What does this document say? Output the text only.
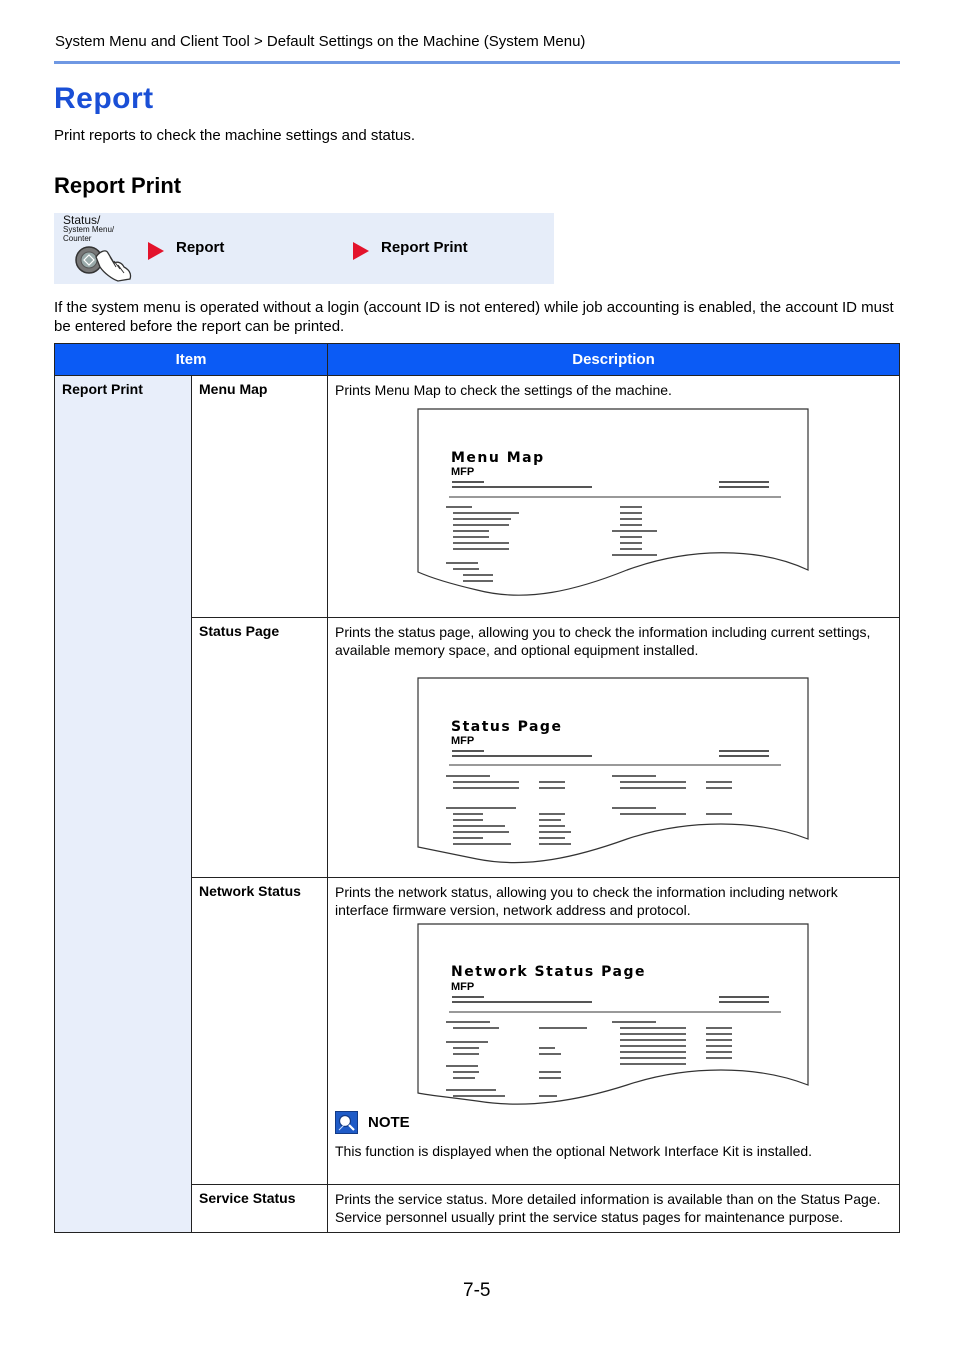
System Menu and Client Tool > Default Settings on the Machine (System Menu)
Report
Print reports to check the machine settings and status.
Report Print
Status/
System Menu/
Counter
Report	Report Print

If the system menu is operated without a login (account ID is not entered) while job accounting is enabled, the account ID must be entered before the report can be printed.

Item		Description
Report Print	Menu Map	Prints Menu Map to check the settings of the machine.
Menu Map
MFP

	Status Page	Prints the status page, allowing you to check the information including current settings, available memory space, and optional equipment installed.
Status Page
MFP

	Network Status	Prints the network status, allowing you to check the information including network interface firmware version, network address and protocol.
Network Status Page
MFP
NOTE
This function is displayed when the optional Network Interface Kit is installed.

	Service Status	Prints the service status. More detailed information is available than on the Status Page. Service personnel usually print the service status pages for maintenance purpose.
7-5
